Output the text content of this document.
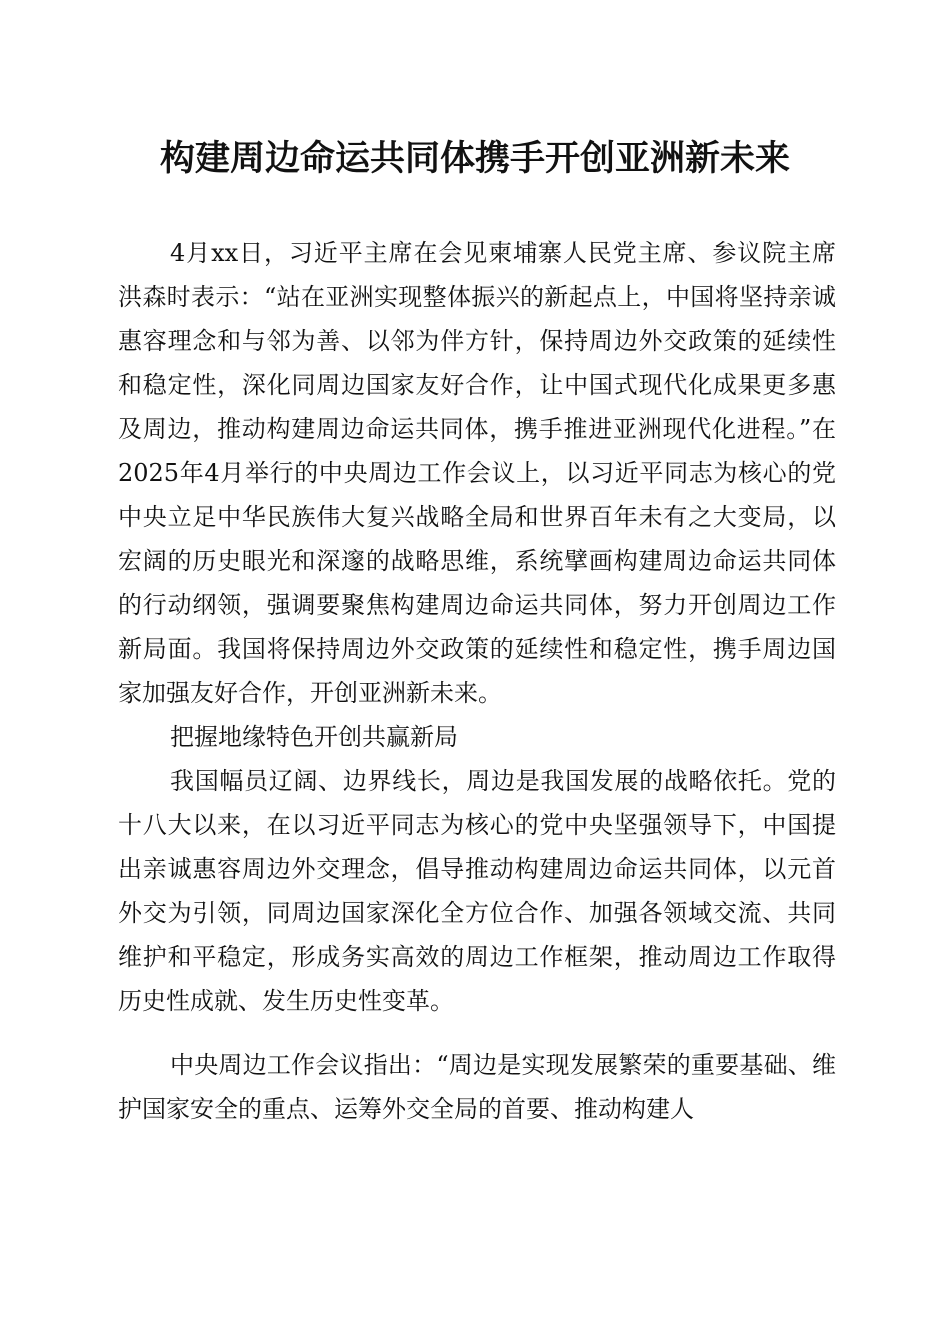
构建周边命运共同体携手开创亚洲新未来

4月xx日，习近平主席在会见柬埔寨人民党主席、参议院主席洪森时表示：“站在亚洲实现整体振兴的新起点上，中国将坚持亲诚惠容理念和与邻为善、以邻为伴方针，保持周边外交政策的延续性和稳定性，深化同周边国家友好合作，让中国式现代化成果更多惠及周边，推动构建周边命运共同体，携手推进亚洲现代化进程。”在2025年4月举行的中央周边工作会议上，以习近平同志为核心的党中央立足中华民族伟大复兴战略全局和世界百年未有之大变局，以宏阔的历史眼光和深邃的战略思维，系统擘画构建周边命运共同体的行动纲领，强调要聚焦构建周边命运共同体，努力开创周边工作新局面。我国将保持周边外交政策的延续性和稳定性，携手周边国家加强友好合作，开创亚洲新未来。

把握地缘特色开创共赢新局

我国幅员辽阔、边界线长，周边是我国发展的战略依托。党的十八大以来，在以习近平同志为核心的党中央坚强领导下，中国提出亲诚惠容周边外交理念，倡导推动构建周边命运共同体，以元首外交为引领，同周边国家深化全方位合作、加强各领域交流、共同维护和平稳定，形成务实高效的周边工作框架，推动周边工作取得历史性成就、发生历史性变革。

中央周边工作会议指出：“周边是实现发展繁荣的重要基础、维护国家安全的重点、运筹外交全局的首要、推动构建人
